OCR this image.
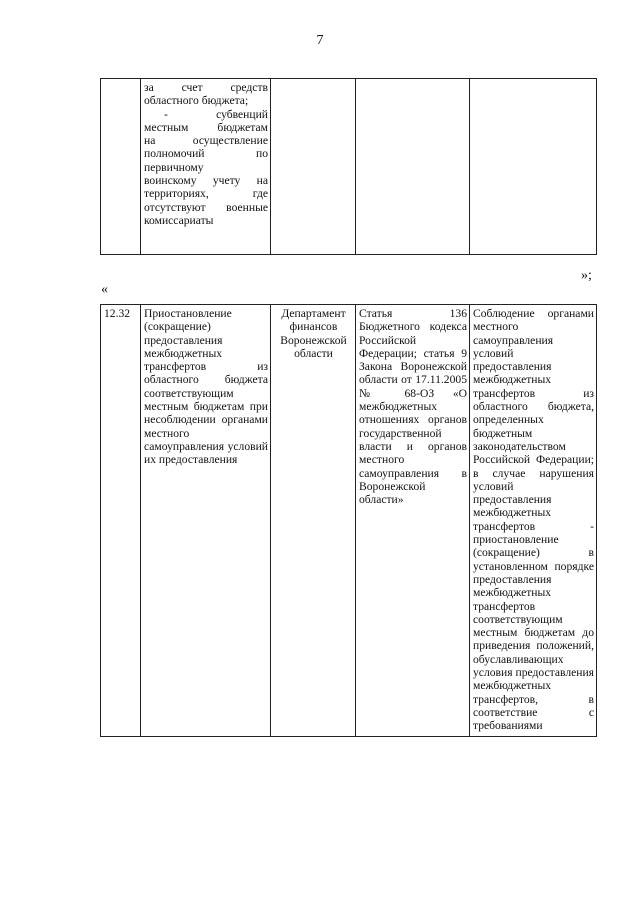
7

за счет средств
областного бюджета;
- субвенций
местным бюджетам
на осуществление
полномочий по
первичному
воинскому учету на
территориях, где
отсутствуют военные
комиссариаты

»;
«
12.32	Приостановление (сокращение) предоставления межбюджетных трансфертов из областного бюджета соответствующим местным бюджетам при несоблюдении органами местного самоуправления условий их предоставления	Департамент финансов Воронежской области	Статья 136 Бюджетного кодекса Российской Федерации; статья 9 Закона Воронежской области от 17.11.2005 № 68-ОЗ «О межбюджетных отношениях органов государственной власти и органов местного самоуправления в Воронежской области»	Соблюдение органами местного самоуправления условий предоставления межбюджетных трансфертов из областного бюджета, определенных бюджетным законодательством Российской Федерации; в случае нарушения условий предоставления межбюджетных трансфертов - приостановление (сокращение) в установленном порядке предоставления межбюджетных трансфертов соответствующим местным бюджетам до приведения положений, обуславливающих условия предоставления межбюджетных трансфертов, в соответствие с требованиями
